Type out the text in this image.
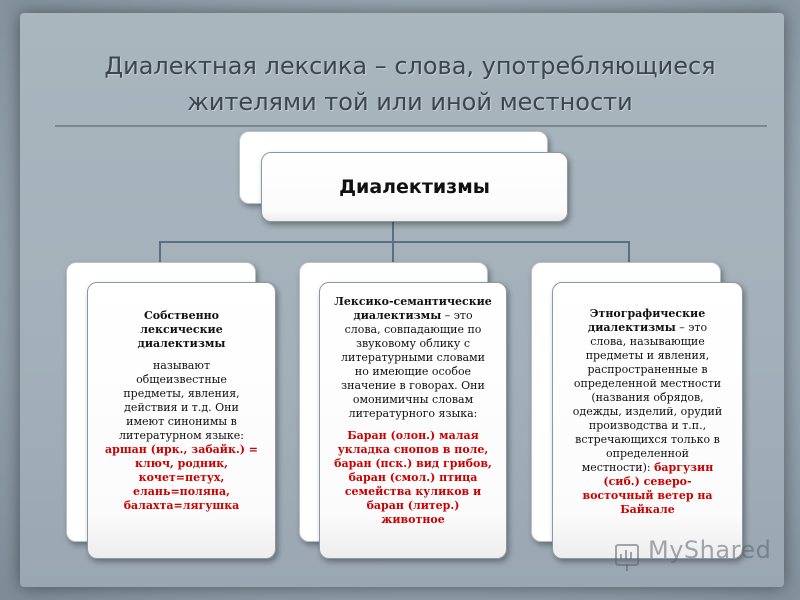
Диалектная лексика – слова, употребляющиеся
жителями той или иной местности
Диалектизмы
Собственно
лексические
диалектизмы
называют
общеизвестные
предметы, явления,
действия и т.д. Они
имеют синонимы в
литературном языке:
аршан (ирк., забайк.) =
ключ, родник,
кочет=петух,
елань=поляна,
балахта=лягушка
Лексико-семантические
диалектизмы – это
слова, совпадающие по
звуковому облику с
литературными словами
но имеющие особое
значение в говорах. Они
омонимичны словам
литературного языка:
Баран (олон.) малая
укладка снопов в поле,
баран (пск.) вид грибов,
баран (смол.) птица
семейства куликов и
баран (литер.)
животное
Этнографические
диалектизмы – это
слова, называющие
предметы и явления,
распространенные в
определенной местности
(названия обрядов,
одежды, изделий, орудий
производства и т.п.,
встречающихся только в
определенной
местности): баргузин
(сиб.) северо-
восточный ветер на
Байкале
MyShared
